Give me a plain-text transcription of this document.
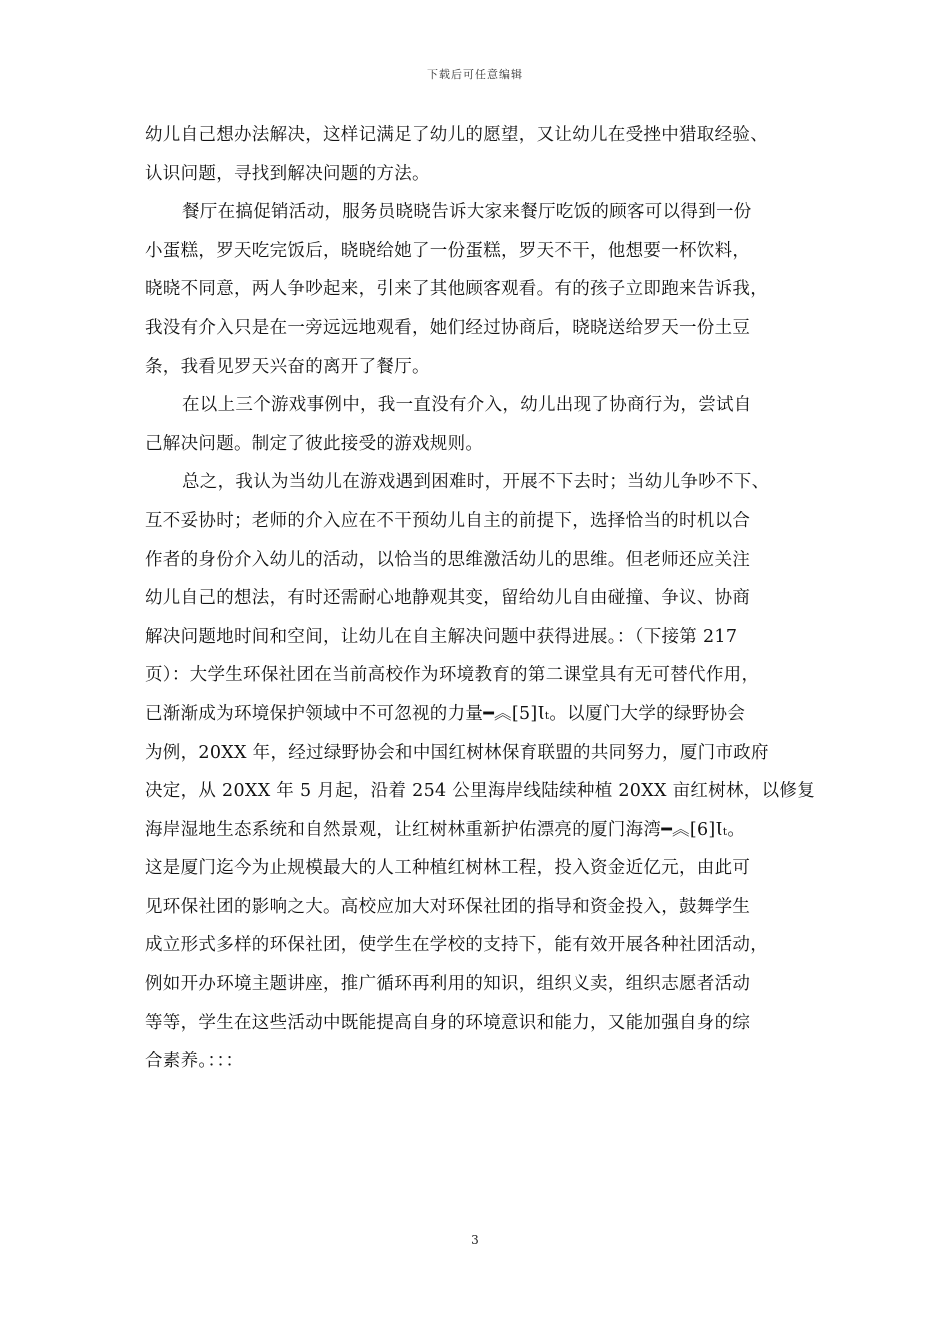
下载后可任意编辑
幼儿自己想办法解决，这样记满足了幼儿的愿望，又让幼儿在受挫中猎取经验、
认识问题，寻找到解决问题的方法。
餐厅在搞促销活动，服务员晓晓告诉大家来餐厅吃饭的顾客可以得到一份
小蛋糕，罗天吃完饭后，晓晓给她了一份蛋糕，罗天不干，他想要一杯饮料，
晓晓不同意，两人争吵起来，引来了其他顾客观看。有的孩子立即跑来告诉我，
我没有介入只是在一旁远远地观看，她们经过协商后，晓晓送给罗天一份土豆
条，我看见罗天兴奋的离开了餐厅。
在以上三个游戏事例中，我一直没有介入，幼儿出现了协商行为，尝试自
己解决问题。制定了彼此接受的游戏规则。
总之，我认为当幼儿在游戏遇到困难时，开展不下去时；当幼儿争吵不下、
互不妥协时；老师的介入应在不干预幼儿自主的前提下，选择恰当的时机以合
作者的身份介入幼儿的活动，以恰当的思维激活幼儿的思维。但老师还应关注
幼儿自己的想法，有时还需耐心地静观其变，留给幼儿自由碰撞、争议、协商
解决问题地时间和空间，让幼儿在自主解决问题中获得进展。：（下接第 217
页）：大学生环保社团在当前高校作为环境教育的第二课堂具有无可替代作用，
已渐渐成为环境保护领域中不可忽视的力量━︽[5]Ɩₜ。以厦门大学的绿野协会
为例，20XX 年，经过绿野协会和中国红树林保育联盟的共同努力，厦门市政府
决定，从 20XX 年 5 月起，沿着 254 公里海岸线陆续种植 20XX 亩红树林，以修复
海岸湿地生态系统和自然景观，让红树林重新护佑漂亮的厦门海湾━︽[6]Ɩₜ。
这是厦门迄今为止规模最大的人工种植红树林工程，投入资金近亿元，由此可
见环保社团的影响之大。高校应加大对环保社团的指导和资金投入，鼓舞学生
成立形式多样的环保社团，使学生在学校的支持下，能有效开展各种社团活动，
例如开办环境主题讲座，推广循环再利用的知识，组织义卖，组织志愿者活动
等等，学生在这些活动中既能提高自身的环境意识和能力，又能加强自身的综
合素养。：：：
3
